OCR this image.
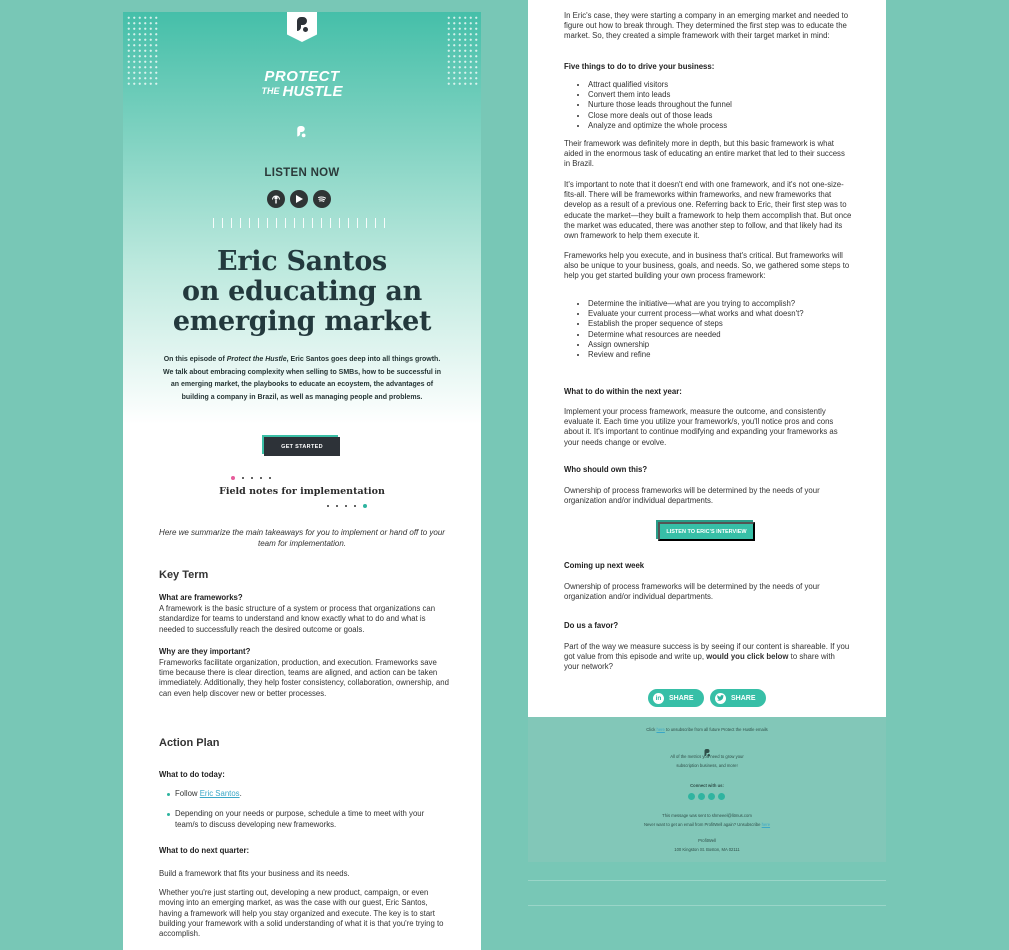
PROTECT
THE HUSTLE
LISTEN NOW
Eric Santos
on educating an
emerging market
On this episode of Protect the Hustle, Eric Santos goes deep into all things growth. We talk about embracing complexity when selling to SMBs, how to be successful in an emerging market, the playbooks to educate an ecoystem, the advantages of building a company in Brazil, as well as managing people and problems.
GET STARTED
Field notes for implementation
Here we summarize the main takeaways for you to implement or hand off to your team for implementation.
Key Term
What are frameworks?
A framework is the basic structure of a system or process that organizations can standardize for teams to understand and know exactly what to do and what is needed to successfully reach the desired outcome or goals.
Why are they important?
Frameworks facilitate organization, production, and execution. Frameworks save time because there is clear direction, teams are aligned, and action can be taken immediately. Additionally, they help foster consistency, collaboration, ownership, and can even help discover new or better processes.
Action Plan
What to do today:
Follow Eric Santos.
Depending on your needs or purpose, schedule a time to meet with your team/s to discuss developing new frameworks.
What to do next quarter:
Build a framework that fits your business and its needs.
Whether you're just starting out, developing a new product, campaign, or even moving into an emerging market, as was the case with our guest, Eric Santos, having a framework will help you stay organized and execute. The key is to start building your framework with a solid understanding of what it is that you're trying to accomplish.
In Eric's case, they were starting a company in an emerging market and needed to figure out how to break through. They determined the first step was to educate the market. So, they created a simple framework with their target market in mind:
Five things to do to drive your business:
• Attract qualified visitors
• Convert them into leads
• Nurture those leads throughout the funnel
• Close more deals out of those leads
• Analyze and optimize the whole process
Their framework was definitely more in depth, but this basic framework is what aided in the enormous task of educating an entire market that led to their success in Brazil.
It's important to note that it doesn't end with one framework, and it's not one-size-fits-all. There will be frameworks within frameworks, and new frameworks that develop as a result of a previous one. Referring back to Eric, their first step was to educate the market—they built a framework to help them accomplish that. But once the market was educated, there was another step to follow, and that likely had its own framework to help them execute it.
Frameworks help you execute, and in business that's critical. But frameworks will also be unique to your business, goals, and needs. So, we gathered some steps to help you get started building your own process framework:
• Determine the initiative—what are you trying to accomplish?
• Evaluate your current process—what works and what doesn't?
• Establish the proper sequence of steps
• Determine what resources are needed
• Assign ownership
• Review and refine
What to do within the next year:
Implement your process framework, measure the outcome, and consistently evaluate it. Each time you utilize your framework/s, you'll notice pros and cons about it. It's important to continue modifying and expanding your frameworks as your needs change or evolve.
Who should own this?
Ownership of process frameworks will be determined by the needs of your organization and/or individual departments.
LISTEN TO ERIC'S INTERVIEW
Coming up next week
Ownership of process frameworks will be determined by the needs of your organization and/or individual departments.
Do us a favor?
Part of the way we measure success is by seeing if our content is shareable. If you got value from this episode and write up, would you click below to share with your network?
in	SHARE	SHARE
Click here to unsubscribe from all future Protect the Hustle emails
All of the metrics you need to grow your
subscription business, and more!
Connect with us:
This message was sent to shmeeel@litmus.com
Never want to get an email from ProfitWell again? Unsubscribe here
ProfitWell
100 Kingston St. Boston, MA 02111
